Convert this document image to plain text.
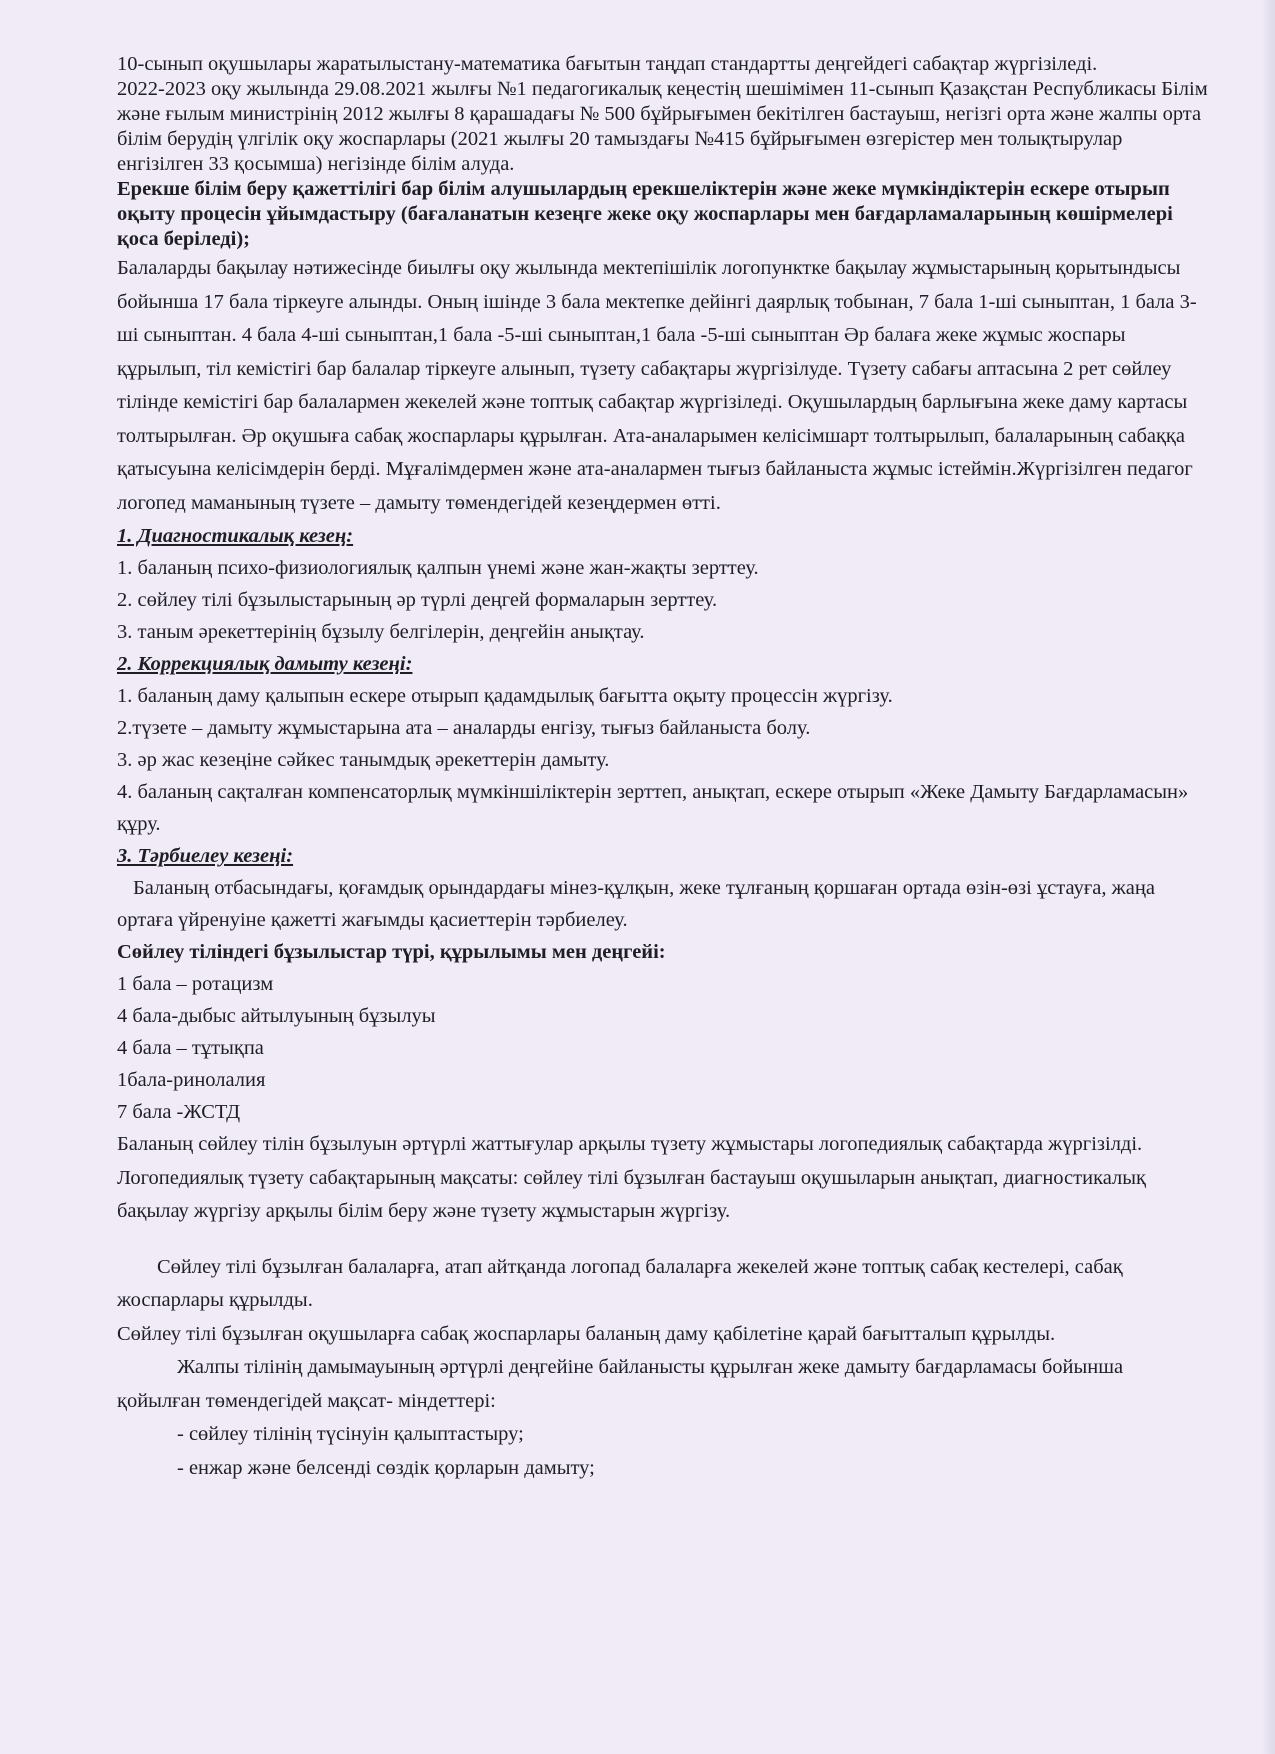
10-сынып оқушылары жаратылыстану-математика бағытын таңдап стандартты деңгейдегі сабақтар жүргізіледі.

2022-2023 оқу жылында 29.08.2021 жылғы №1 педагогикалық кеңестің шешімімен 11-сынып Қазақстан Республикасы Білім және ғылым министрінің 2012 жылғы 8 қарашадағы № 500 бұйрығымен бекітілген бастауыш, негізгі орта және жалпы орта білім берудің үлгілік оқу жоспарлары (2021 жылғы 20 тамыздағы №415 бұйрығымен өзгерістер мен толықтырулар енгізілген 33 қосымша) негізінде білім алуда.

Ерекше білім беру қажеттілігі бар білім алушылардың ерекшеліктерін және жеке мүмкіндіктерін ескере отырып оқыту процесін ұйымдастыру (бағаланатын кезеңге жеке оқу жоспарлары мен бағдарламаларының көшірмелері қоса беріледі);

Балаларды бақылау нәтижесінде биылғы оқу жылында мектепішілік логопунктке бақылау жұмыстарының қорытындысы бойынша 17 бала тіркеуге алынды. Оның ішінде 3 бала мектепке дейінгі даярлық тобынан, 7 бала 1-ші сыныптан, 1 бала 3- ші сыныптан. 4 бала 4-ші сыныптан,1 бала -5-ші сыныптан,1 бала -5-ші сыныптан Әр балаға жеке жұмыс жоспары құрылып, тіл кемістігі бар балалар тіркеуге алынып, түзету сабақтары жүргізілуде. Түзету сабағы аптасына 2 рет сөйлеу тілінде кемістігі бар балалармен жекелей және топтық сабақтар жүргізіледі. Оқушылардың барлығына жеке даму картасы толтырылған. Әр оқушыға сабақ жоспарлары құрылған. Ата-аналарымен келісімшарт толтырылып, балаларының сабаққа қатысуына келісімдерін берді. Мұғалімдермен және ата-аналармен тығыз байланыста жұмыс істеймін.Жүргізілген педагог логопед маманының түзете – дамыту төмендегідей кезеңдермен өтті.

1. Диагностикалық кезең:

1. баланың психо-физиологиялық қалпын үнемі және жан-жақты зерттеу.

2. сөйлеу тілі бұзылыстарының әр түрлі деңгей формаларын зерттеу.

3. таным әрекеттерінің бұзылу белгілерін, деңгейін анықтау.

2. Коррекциялық дамыту кезеңі:

1. баланың даму қалыпын ескере отырып қадамдылық бағытта оқыту процессін жүргізу.

2.түзете – дамыту жұмыстарына ата – аналарды енгізу, тығыз байланыста болу.

3. әр жас кезеңіне сәйкес танымдық әрекеттерін дамыту.

4. баланың сақталған компенсаторлық мүмкіншіліктерін зерттеп, анықтап, ескере отырып «Жеке Дамыту Бағдарламасын» құру.

3. Тәрбиелеу кезеңі:

Баланың отбасындағы, қоғамдық орындардағы мінез-құлқын, жеке тұлғаның қоршаған ортада өзін-өзі ұстауға, жаңа ортаға үйренуіне қажетті жағымды қасиеттерін тәрбиелеу.

Сөйлеу тіліндегі бұзылыстар түрі, құрылымы мен деңгейі:

1 бала – ротацизм

4 бала-дыбыс айтылуының бұзылуы

4 бала – тұтықпа

1бала-ринолалия

7 бала -ЖСТД

Баланың сөйлеу тілін бұзылуын әртүрлі жаттығулар арқылы түзету жұмыстары логопедиялық сабақтарда жүргізілді. Логопедиялық түзету сабақтарының мақсаты: сөйлеу тілі бұзылған бастауыш оқушыларын анықтап, диагностикалық бақылау жүргізу арқылы білім беру және түзету жұмыстарын жүргізу.

Сөйлеу тілі бұзылған балаларға, атап айтқанда логопад балаларға жекелей және топтық сабақ кестелері, сабақ жоспарлары құрылды.

Сөйлеу тілі бұзылған оқушыларға сабақ жоспарлары баланың даму қабілетіне қарай бағытталып құрылды.

Жалпы тілінің дамымауының әртүрлі деңгейіне байланысты құрылған жеке дамыту бағдарламасы бойынша қойылған төмендегідей мақсат- міндеттері:

- сөйлеу тілінің түсінуін қалыптастыру;

- енжар және белсенді сөздік қорларын дамыту;
